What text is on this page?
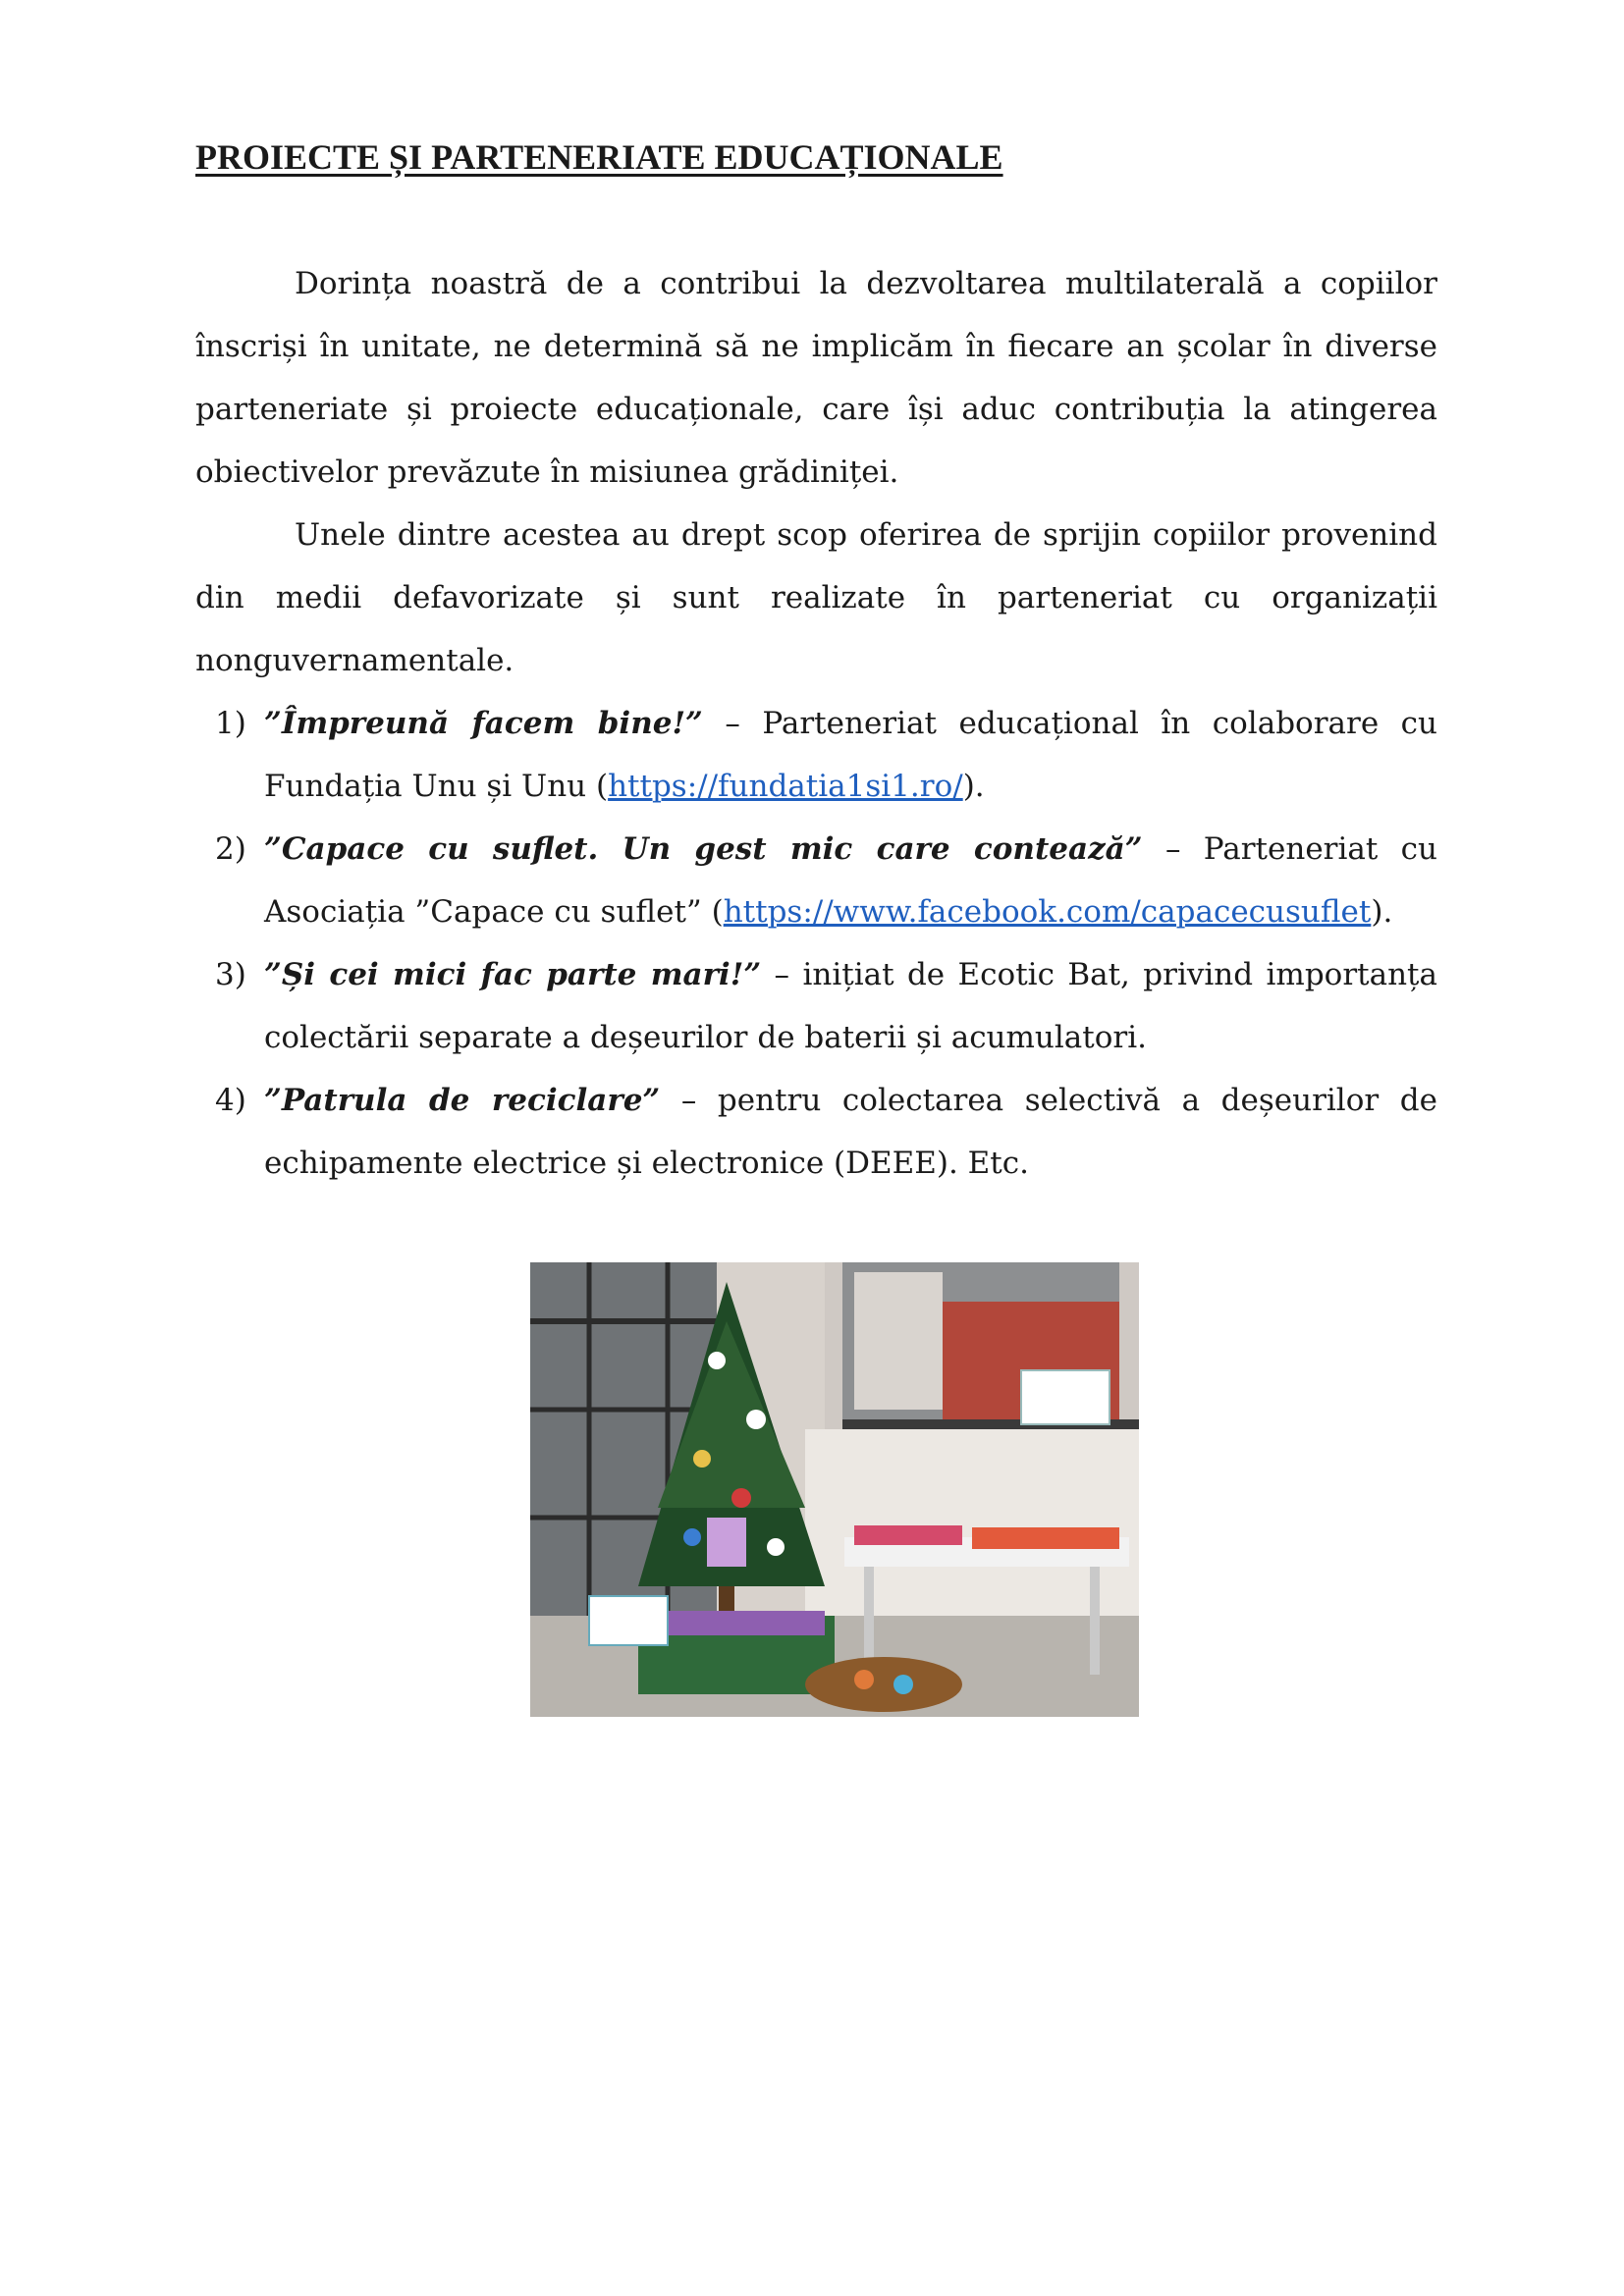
PROIECTE ȘI PARTENERIATE EDUCAȚIONALE

Dorința noastră de a contribui la dezvoltarea multilaterală a copiilor înscriși în unitate, ne determină să ne implicăm în fiecare an școlar în diverse parteneriate și proiecte educaționale, care își aduc contribuția la atingerea obiectivelor prevăzute în misiunea grădiniței.

Unele dintre acestea au drept scop oferirea de sprijin copiilor provenind din medii defavorizate și sunt realizate în parteneriat cu organizații nonguvernamentale.

1) ”Împreună facem bine!” – Parteneriat educațional în colaborare cu Fundația Unu și Unu (https://fundatia1si1.ro/).
2) ”Capace cu suflet. Un gest mic care contează” – Parteneriat cu Asociația ”Capace cu suflet” (https://www.facebook.com/capacecusuflet).
3) ”Și cei mici fac parte mari!” – inițiat de Ecotic Bat, privind importanța colectării separate a deșeurilor de baterii și acumulatori.
4) ”Patrula de reciclare” – pentru colectarea selectivă a deșeurilor de echipamente electrice și electronice (DEEE). Etc.
